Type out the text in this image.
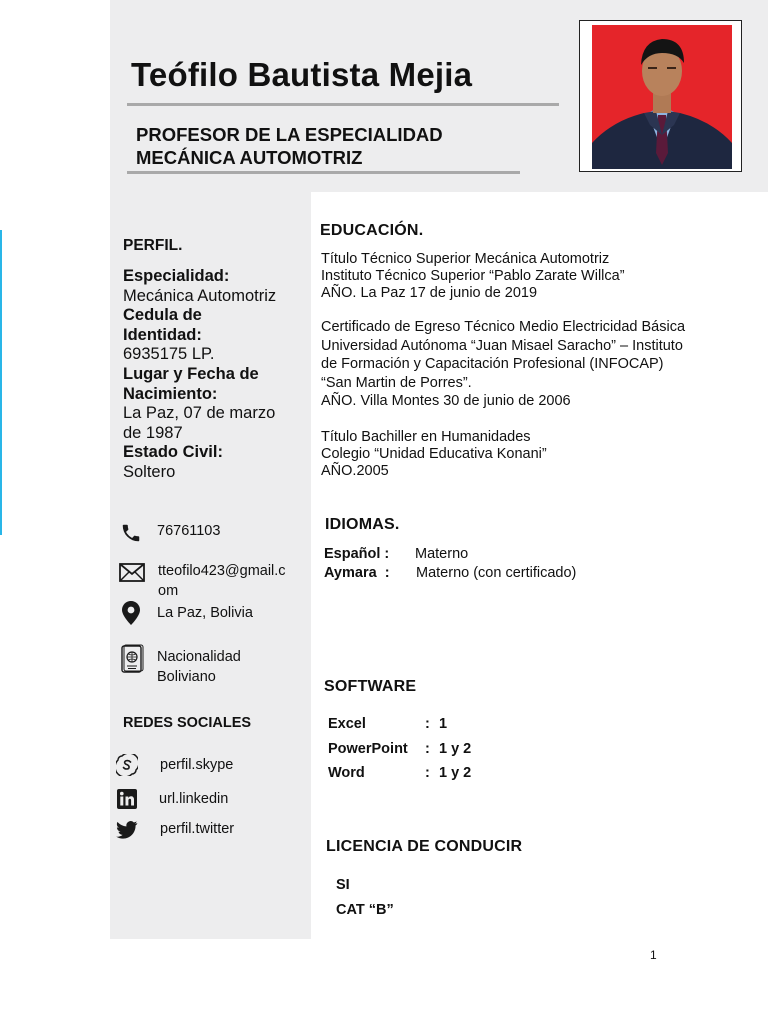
Teófilo Bautista Mejia
PROFESOR DE LA ESPECIALIDAD
MECÁNICA AUTOMOTRIZ
PERFIL.
Especialidad:
Mecánica Automotriz
Cedula de
Identidad:
6935175 LP.
Lugar y Fecha de
Nacimiento:
La Paz, 07 de marzo
de 1987
Estado Civil:
Soltero
76761103
tteofilo423@gmail.c
om
La Paz, Bolivia
Nacionalidad
Boliviano
REDES SOCIALES
perfil.skype
url.linkedin
perfil.twitter
EDUCACIÓN.
Título Técnico Superior Mecánica Automotriz
Instituto Técnico Superior “Pablo Zarate Willca”
AÑO. La Paz 17 de junio de 2019
Certificado de Egreso Técnico Medio Electricidad Básica
Universidad Autónoma “Juan Misael Saracho” – Instituto
de Formación y Capacitación Profesional (INFOCAP)
“San Martin de Porres”.
AÑO. Villa Montes 30 de junio de 2006
Título Bachiller en Humanidades
Colegio “Unidad Educativa Konani”
AÑO.2005
IDIOMAS.
Español : Materno
Aymara  : Materno (con certificado)
SOFTWARE
Excel	: 1
PowerPoint : 1 y 2
Word	: 1 y 2
LICENCIA DE CONDUCIR
SI
CAT “B”
1
